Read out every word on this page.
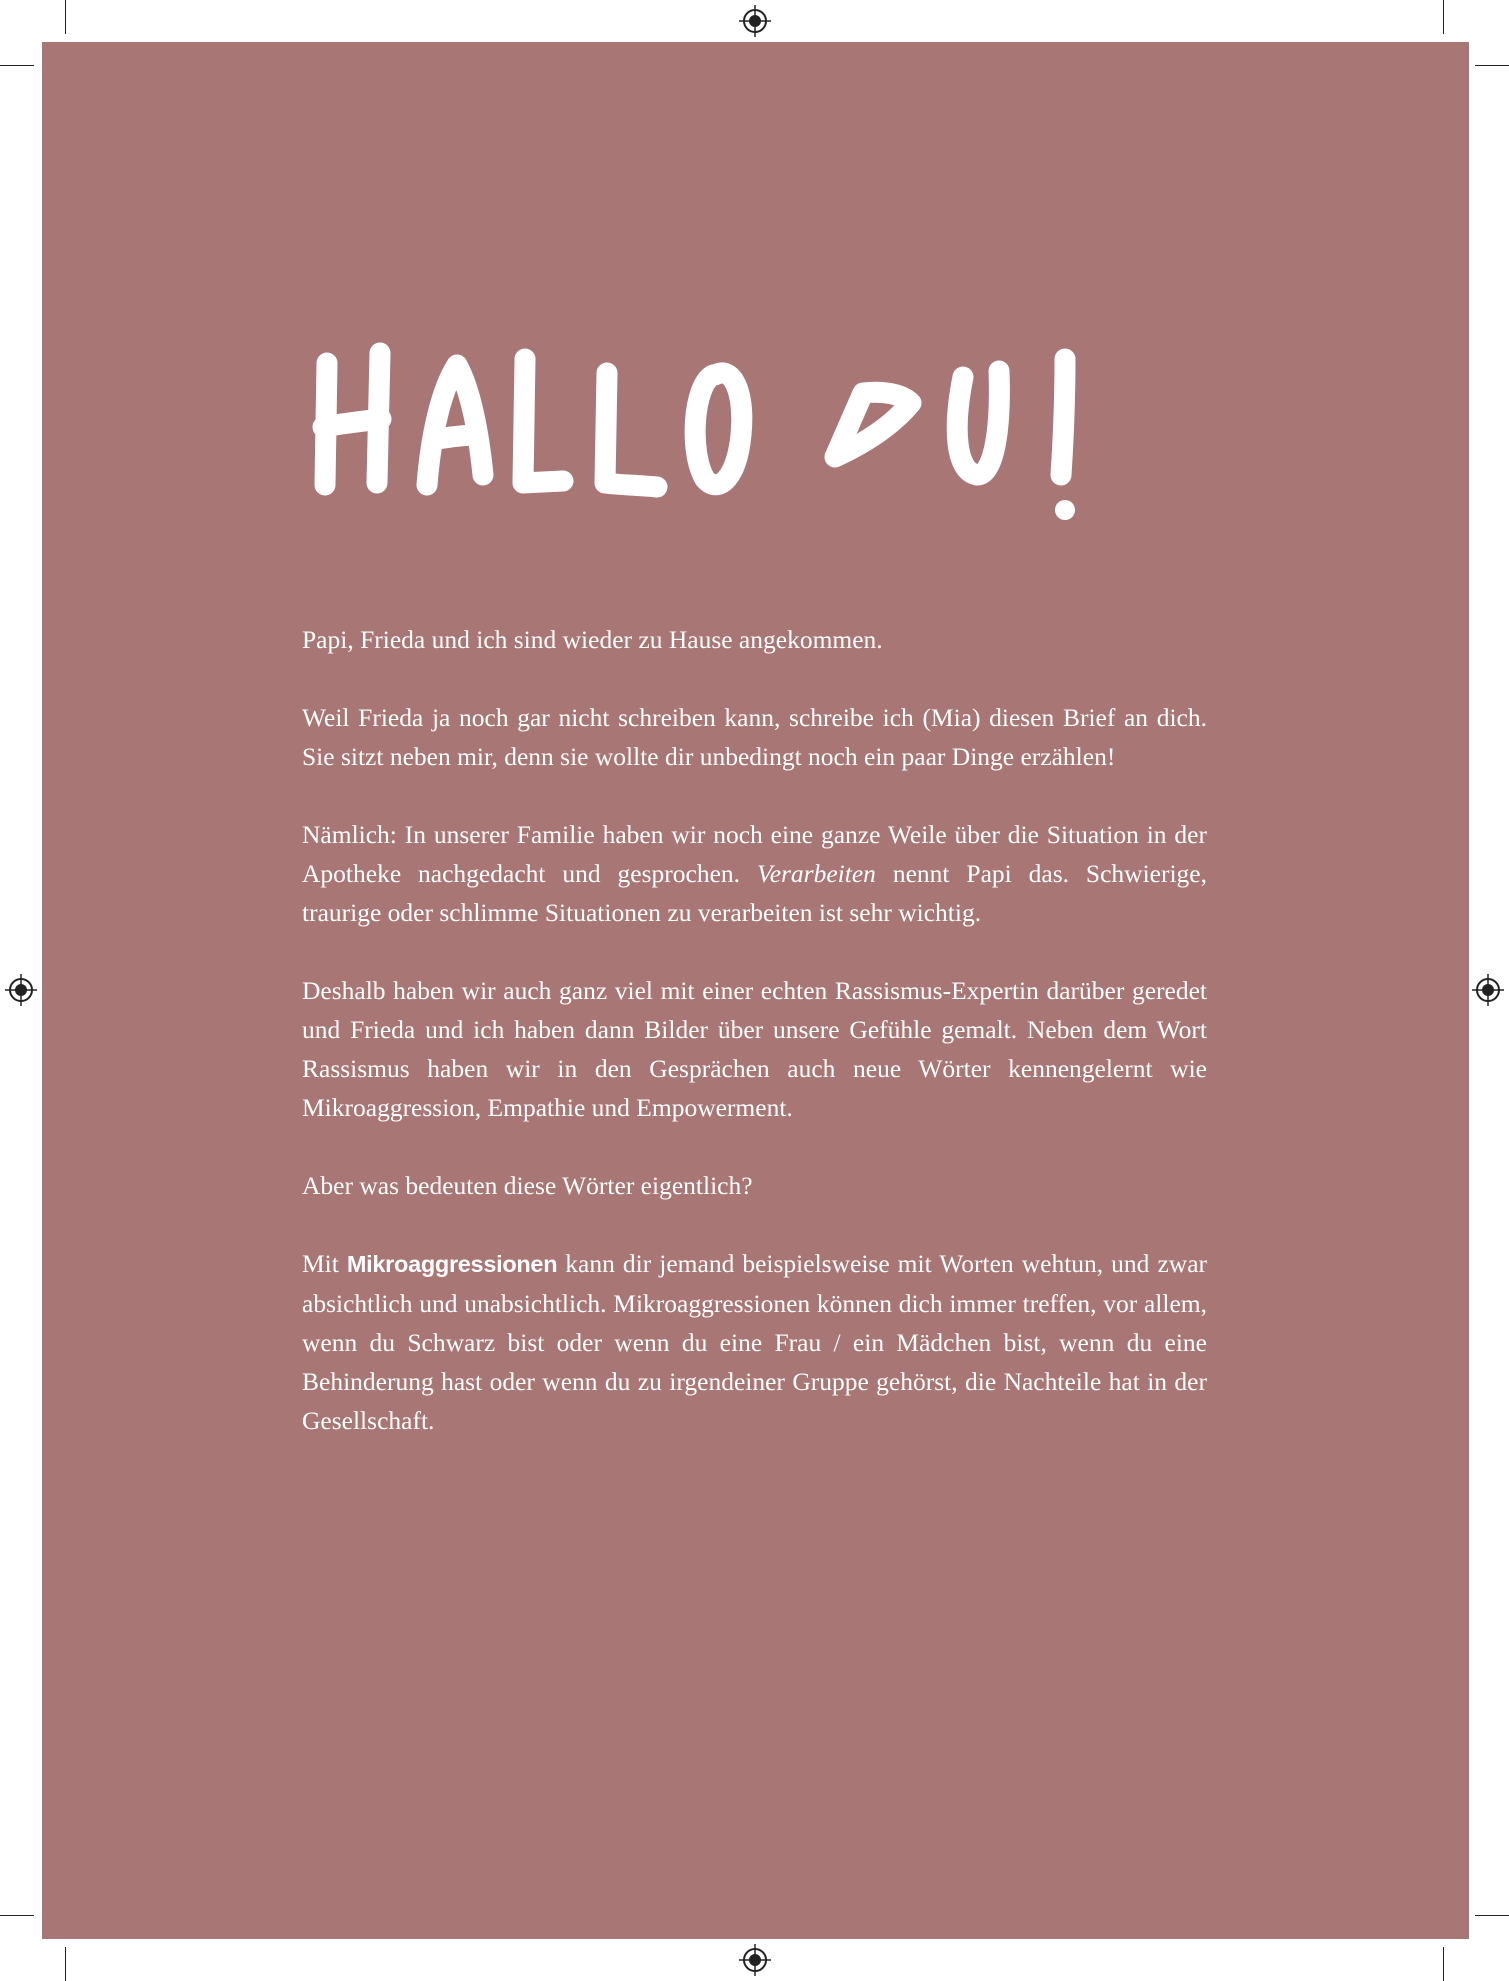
Papi, Frieda und ich sind wieder zu Hause angekommen.

Weil Frieda ja noch gar nicht schreiben kann, schreibe ich (Mia) diesen Brief an dich. Sie sitzt neben mir, denn sie wollte dir unbedingt noch ein paar Dinge erzählen!

Nämlich: In unserer Familie haben wir noch eine ganze Weile über die Situation in der Apotheke nachgedacht und gesprochen. Verarbeiten nennt Papi das. Schwierige, traurige oder schlimme Situationen zu verarbeiten ist sehr wichtig.

Deshalb haben wir auch ganz viel mit einer echten Rassismus-Expertin darüber geredet und Frieda und ich haben dann Bilder über unsere Gefühle gemalt. Neben dem Wort Rassismus haben wir in den Gesprächen auch neue Wörter kennengelernt wie Mikroaggression, Empathie und Empowerment.

Aber was bedeuten diese Wörter eigentlich?

Mit Mikroaggressionen kann dir jemand beispielsweise mit Worten wehtun, und zwar absichtlich und unabsichtlich. Mikroaggressionen können dich immer treffen, vor allem, wenn du Schwarz bist oder wenn du eine Frau / ein Mädchen bist, wenn du eine Behinderung hast oder wenn du zu irgendeiner Gruppe gehörst, die Nachteile hat in der Gesellschaft.
